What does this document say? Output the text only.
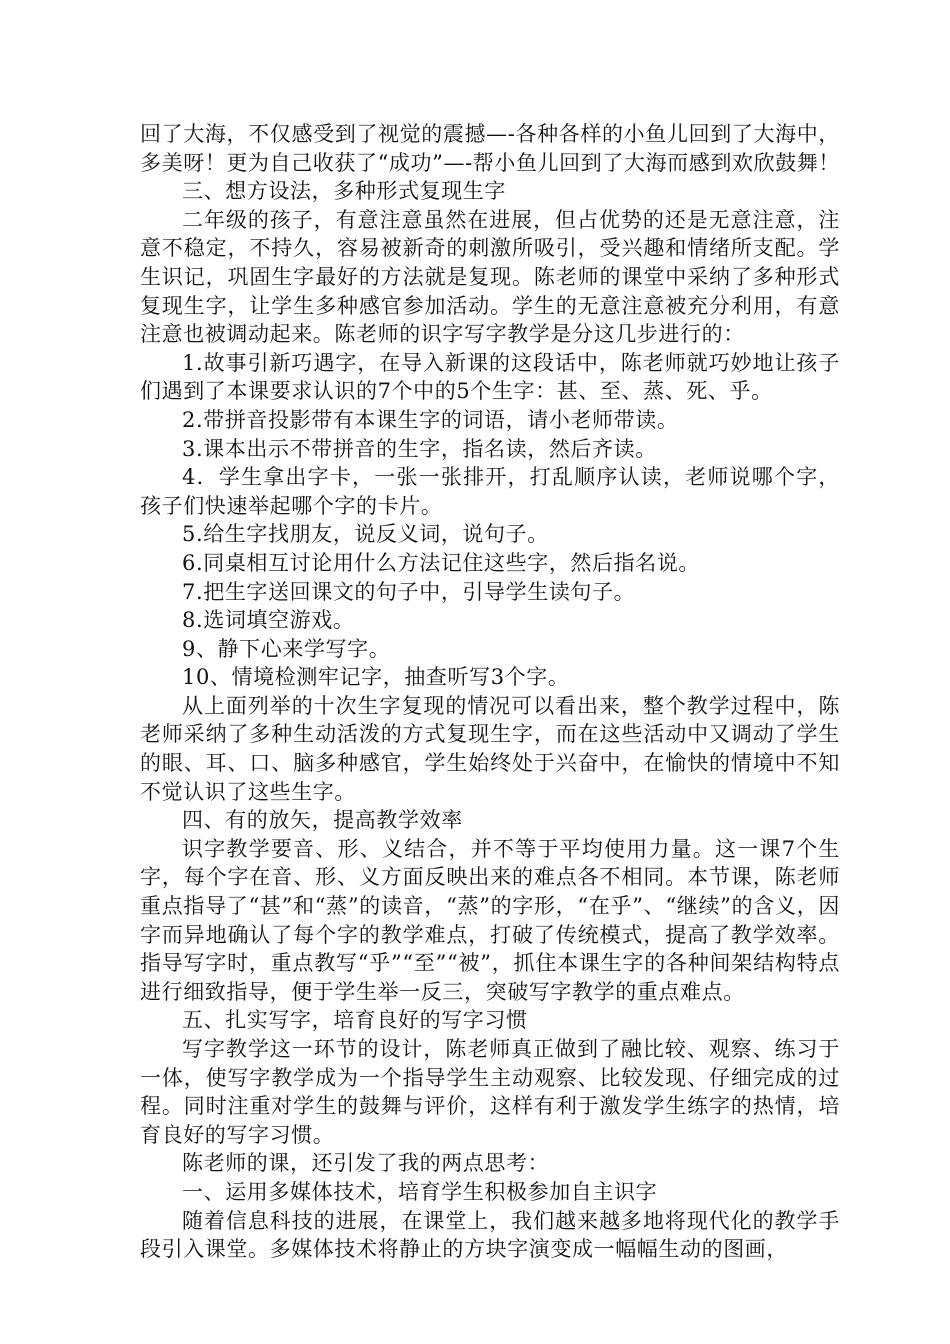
回了大海，不仅感受到了视觉的震撼—-各种各样的小鱼儿回到了大海中，多美呀！更为自己收获了“成功”—-帮小鱼儿回到了大海而感到欢欣鼓舞！

三、想方设法，多种形式复现生字

二年级的孩子，有意注意虽然在进展，但占优势的还是无意注意，注意不稳定，不持久，容易被新奇的刺激所吸引，受兴趣和情绪所支配。学生识记，巩固生字最好的方法就是复现。陈老师的课堂中采纳了多种形式复现生字，让学生多种感官参加活动。学生的无意注意被充分利用，有意注意也被调动起来。陈老师的识字写字教学是分这几步进行的：

1.故事引新巧遇字，在导入新课的这段话中，陈老师就巧妙地让孩子们遇到了本课要求认识的7个中的5个生字：甚、至、蒸、死、乎。

2.带拼音投影带有本课生字的词语，请小老师带读。

3.课本出示不带拼音的生字，指名读，然后齐读。

4．学生拿出字卡，一张一张排开，打乱顺序认读，老师说哪个字，孩子们快速举起哪个字的卡片。

5.给生字找朋友，说反义词，说句子。

6.同桌相互讨论用什么方法记住这些字，然后指名说。

7.把生字送回课文的句子中，引导学生读句子。

8.选词填空游戏。

9、静下心来学写字。

10、情境检测牢记字，抽查听写3个字。

从上面列举的十次生字复现的情况可以看出来，整个教学过程中，陈老师采纳了多种生动活泼的方式复现生字，而在这些活动中又调动了学生的眼、耳、口、脑多种感官，学生始终处于兴奋中，在愉快的情境中不知不觉认识了这些生字。

四、有的放矢，提高教学效率

识字教学要音、形、义结合，并不等于平均使用力量。这一课7个生字，每个字在音、形、义方面反映出来的难点各不相同。本节课，陈老师重点指导了“甚”和“蒸”的读音，“蒸”的字形，“在乎”、“继续”的含义，因字而异地确认了每个字的教学难点，打破了传统模式，提高了教学效率。指导写字时，重点教写“乎”“至”“被”，抓住本课生字的各种间架结构特点进行细致指导，便于学生举一反三，突破写字教学的重点难点。

五、扎实写字，培育良好的写字习惯

写字教学这一环节的设计，陈老师真正做到了融比较、观察、练习于一体，使写字教学成为一个指导学生主动观察、比较发现、仔细完成的过程。同时注重对学生的鼓舞与评价，这样有利于激发学生练字的热情，培育良好的写字习惯。

陈老师的课，还引发了我的两点思考：

一、运用多媒体技术，培育学生积极参加自主识字

随着信息科技的进展，在课堂上，我们越来越多地将现代化的教学手段引入课堂。多媒体技术将静止的方块字演变成一幅幅生动的图画，
